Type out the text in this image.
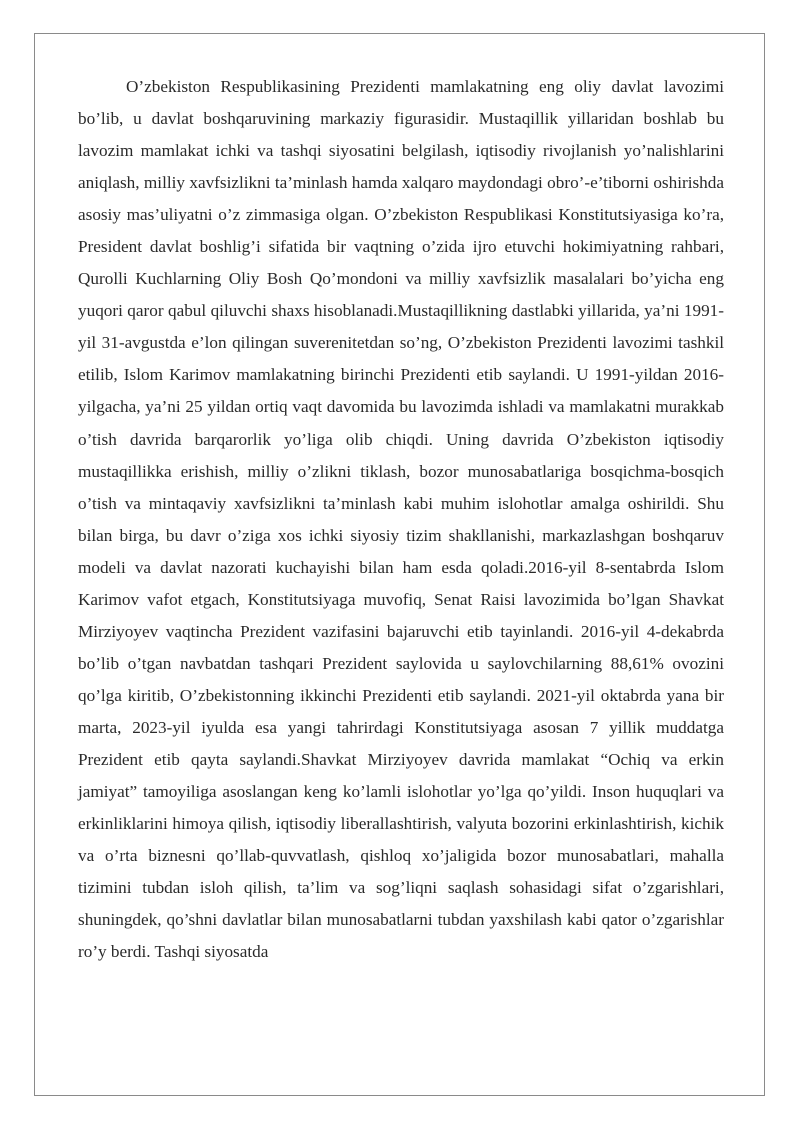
O’zbekiston Respublikasining Prezidenti mamlakatning eng oliy davlat lavozimi bo’lib, u davlat boshqaruvining markaziy figurasidir. Mustaqillik yillaridan boshlab bu lavozim mamlakat ichki va tashqi siyosatini belgilash, iqtisodiy rivojlanish yo’nalishlarini aniqlash, milliy xavfsizlikni ta’minlash hamda xalqaro maydondagi obro’-e’tiborni oshirishda asosiy mas’uliyatni o’z zimmasiga olgan. O’zbekiston Respublikasi Konstitutsiyasiga ko’ra, President davlat boshlig’i sifatida bir vaqtning o’zida ijro etuvchi hokimiyatning rahbari, Qurolli Kuchlarning Oliy Bosh Qo’mondoni va milliy xavfsizlik masalalari bo’yicha eng yuqori qaror qabul qiluvchi shaxs hisoblanadi.Mustaqillikning dastlabki yillarida, ya’ni 1991-yil 31-avgustda e’lon qilingan suverenitetdan so’ng, O’zbekiston Prezidenti lavozimi tashkil etilib, Islom Karimov mamlakatning birinchi Prezidenti etib saylandi. U 1991-yildan 2016-yilgacha, ya’ni 25 yildan ortiq vaqt davomida bu lavozimda ishladi va mamlakatni murakkab o’tish davrida barqarorlik yo’liga olib chiqdi. Uning davrida O’zbekiston iqtisodiy mustaqillikka erishish, milliy o’zlikni tiklash, bozor munosabatlariga bosqichma-bosqich o’tish va mintaqaviy xavfsizlikni ta’minlash kabi muhim islohotlar amalga oshirildi. Shu bilan birga, bu davr o’ziga xos ichki siyosiy tizim shakllanishi, markazlashgan boshqaruv modeli va davlat nazorati kuchayishi bilan ham esda qoladi.2016-yil 8-sentabrda Islom Karimov vafot etgach, Konstitutsiyaga muvofiq, Senat Raisi lavozimida bo’lgan Shavkat Mirziyoyev vaqtincha Prezident vazifasini bajaruvchi etib tayinlandi. 2016-yil 4-dekabrda bo’lib o’tgan navbatdan tashqari Prezident saylovida u saylovchilarning 88,61% ovozini qo’lga kiritib, O’zbekistonning ikkinchi Prezidenti etib saylandi. 2021-yil oktabrda yana bir marta, 2023-yil iyulda esa yangi tahrirdagi Konstitutsiyaga asosan 7 yillik muddatga Prezident etib qayta saylandi.Shavkat Mirziyoyev davrida mamlakat “Ochiq va erkin jamiyat” tamoyiliga asoslangan keng ko’lamli islohotlar yo’lga qo’yildi. Inson huquqlari va erkinliklarini himoya qilish, iqtisodiy liberallashtirish, valyuta bozorini erkinlashtirish, kichik va o’rta biznesni qo’llab-quvvatlash, qishloq xo’jaligida bozor munosabatlari, mahalla tizimini tubdan isloh qilish, ta’lim va sog’liqni saqlash sohasidagi sifat o’zgarishlari, shuningdek, qo’shni davlatlar bilan munosabatlarni tubdan yaxshilash kabi qator o’zgarishlar ro’y berdi. Tashqi siyosatda
